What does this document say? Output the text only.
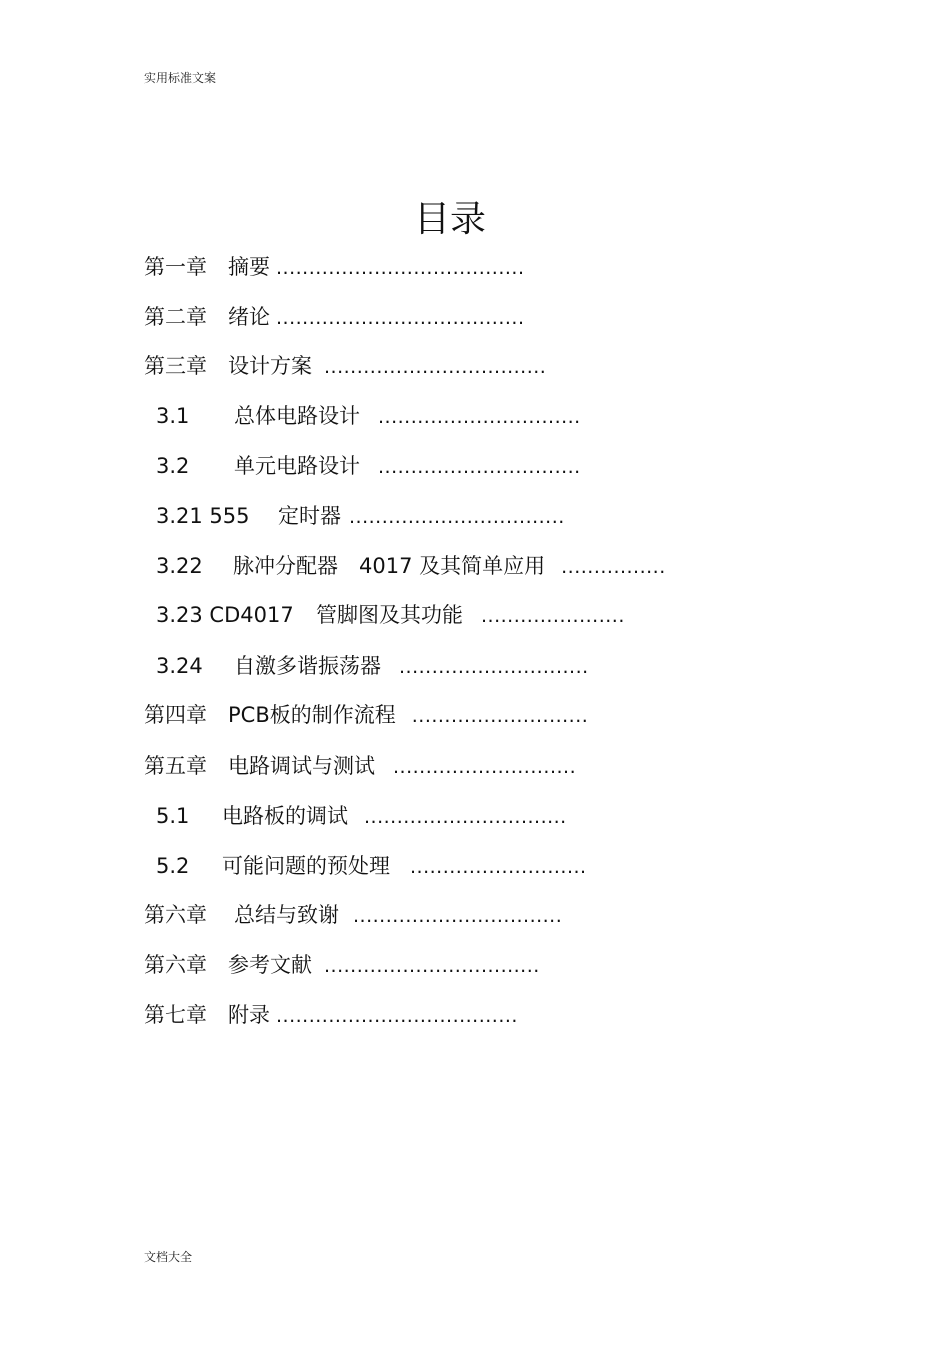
实用标准文案
目录
第一章	摘要 ......................................
第二章	绪论 ......................................
第三章	设计方案 ..................................
3.1	总体电路设计 ...............................
3.2	单元电路设计 ...............................
3.21 555	定时器 .................................
3.22	脉冲分配器　4017 及其简单应用 ................
3.23 CD4017	管脚图及其功能 ......................
3.24	自激多谐振荡器 .............................
第四章	PCB板的制作流程 ...........................
第五章	电路调试与测试 ............................
5.1	电路板的调试 ...............................
5.2	可能问题的预处理 ...........................
第六章	总结与致谢 ................................
第六章	参考文献 .................................
第七章	附录 .....................................
文档大全
